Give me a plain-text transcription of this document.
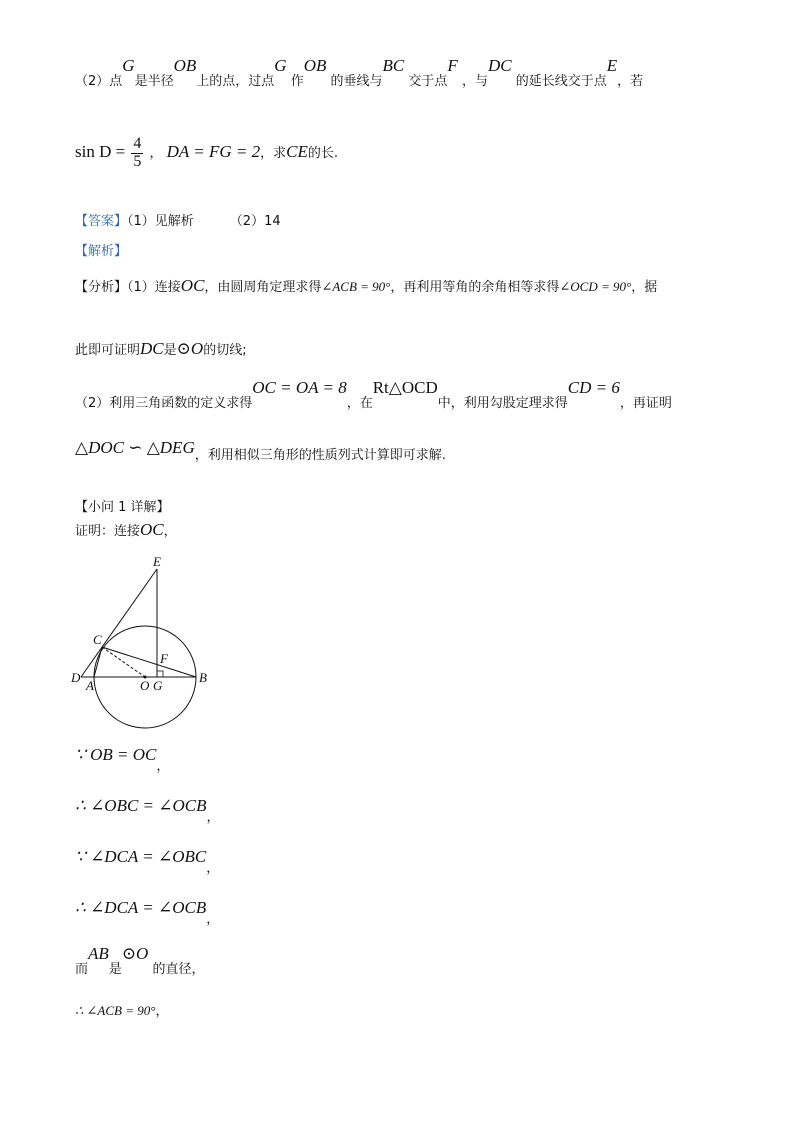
（2）点G是半径OB上的点，过点G 作OB 的垂线与BC 交于点F ，与DC 的延长线交于点E，若
$\sin D = \frac{4}{5}$ ， DA = FG = 2，求CE的长.
【答案】（1）见解析	（2）14
【解析】
【分析】（1）连接OC，由圆周角定理求得∠ACB = 90°，再利用等角的余角相等求得∠OCD = 90°，据
此即可证明DC是⊙O的切线;
（2）利用三角函数的定义求得OC = OA = 8，在Rt△OCD中，利用勾股定理求得CD = 6，再证明
△DOC ∽ △DEG，利用相似三角形的性质列式计算即可求解.
【小问 1 详解】
证明：连接OC，
E
C
F
D
A	O G
B
∵ OB = OC，
∴ ∠OBC = ∠OCB，
∵ ∠DCA = ∠OBC，
∴ ∠DCA = ∠OCB，
而AB是⊙O 的直径，
∴ ∠ACB = 90°，
